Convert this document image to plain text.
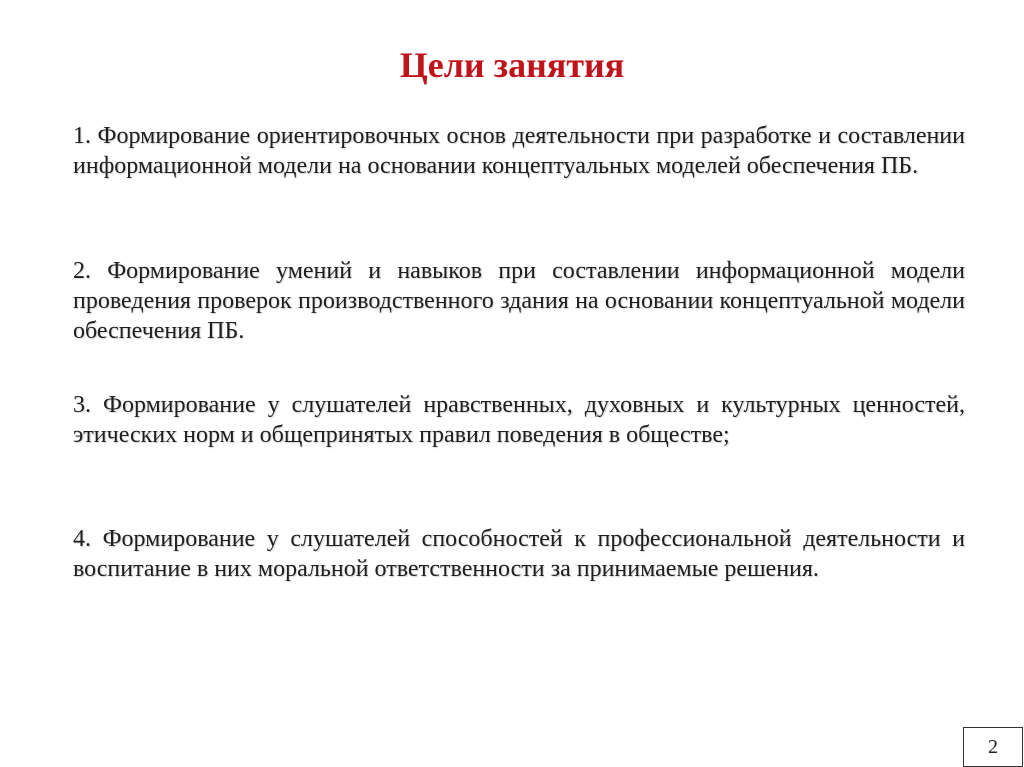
Цели занятия

1. Формирование ориентировочных основ деятельности при разработке и составлении информационной модели на основании концептуальных моделей обеспечения ПБ.

2. Формирование умений и навыков при составлении информационной модели проведения проверок производственного здания на основании концептуальной модели обеспечения ПБ.

3. Формирование у слушателей нравственных, духовных и культурных ценностей, этических норм и общепринятых правил поведения в обществе;

4. Формирование у слушателей способностей к профессиональной деятельности и воспитание в них моральной ответственности за принимаемые решения.

2
